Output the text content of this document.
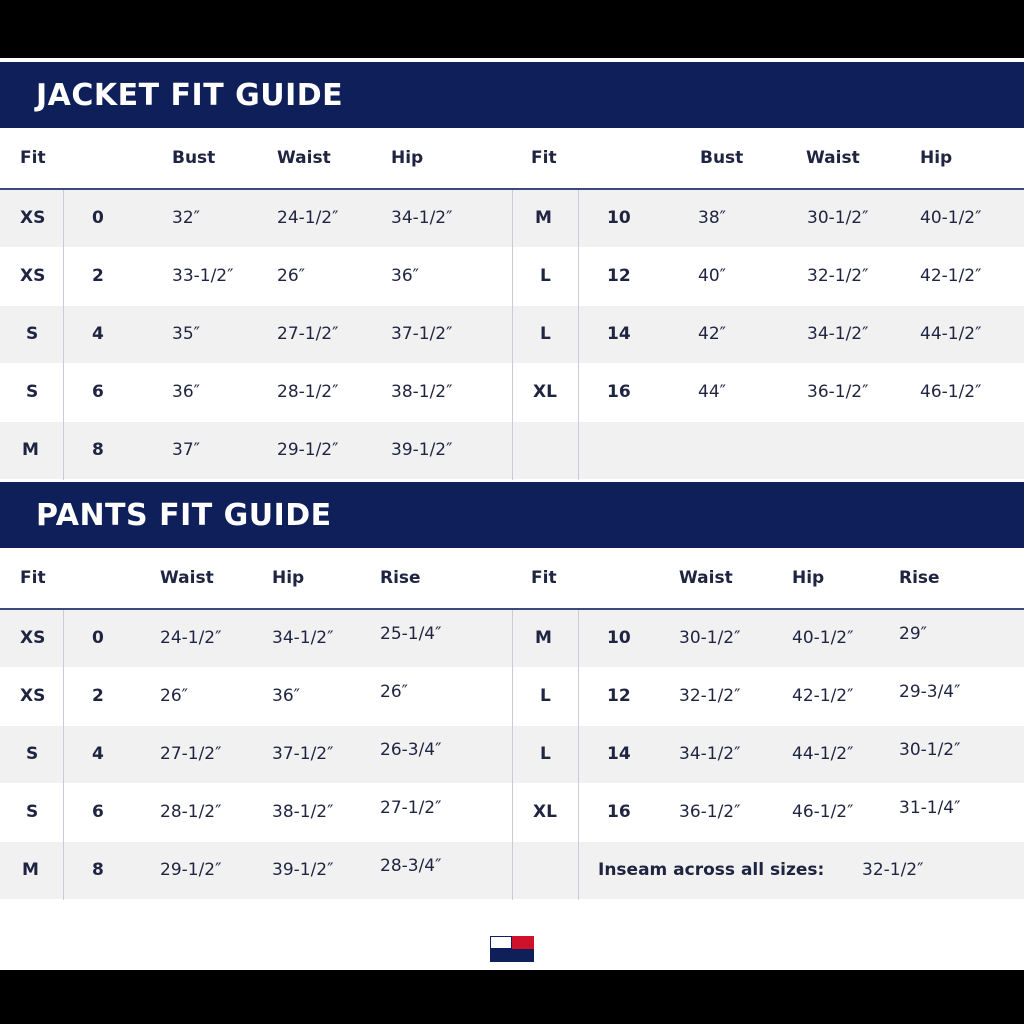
JACKET FIT GUIDE
Fit	Bust	Waist	Hip	Fit	Bust	Waist	Hip
XS	0	32″	24-1/2″	34-1/2″	M	10	38″	30-1/2″	40-1/2″
XS	2	33-1/2″	26″	36″	L	12	40″	32-1/2″	42-1/2″
S	4	35″	27-1/2″	37-1/2″	L	14	42″	34-1/2″	44-1/2″
S	6	36″	28-1/2″	38-1/2″	XL	16	44″	36-1/2″	46-1/2″
M	8	37″	29-1/2″	39-1/2″
PANTS FIT GUIDE
Fit	Waist	Hip	Rise	Fit	Waist	Hip	Rise
XS	0	24-1/2″	34-1/2″	25-1/4″	M	10	30-1/2″	40-1/2″	29″
XS	2	26″	36″	26″	L	12	32-1/2″	42-1/2″	29-3/4″
S	4	27-1/2″	37-1/2″	26-3/4″	L	14	34-1/2″	44-1/2″	30-1/2″
S	6	28-1/2″	38-1/2″	27-1/2″	XL	16	36-1/2″	46-1/2″	31-1/4″
M	8	29-1/2″	39-1/2″	28-3/4″	Inseam across all sizes: 32-1/2″
